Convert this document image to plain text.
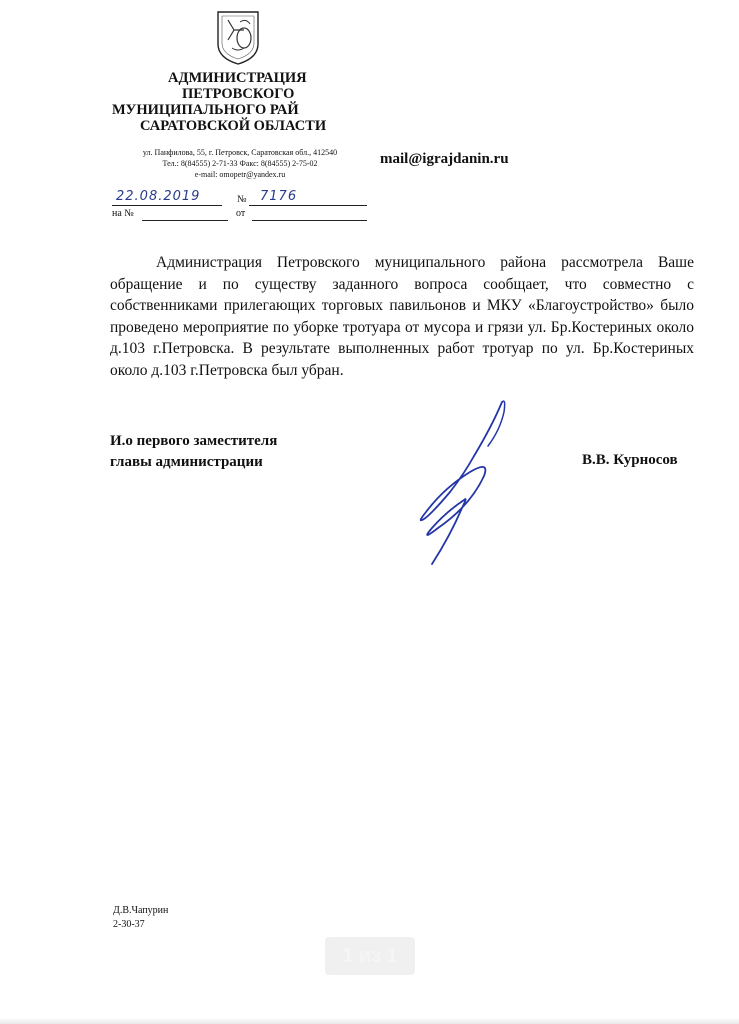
АДМИНИСТРАЦИЯ
ПЕТРОВСКОГО
МУНИЦИПАЛЬНОГО РАЙ
САРАТОВСКОЙ ОБЛАСТИ
ул. Панфилова, 55, г. Петровск, Саратовская обл., 412540
Тел.: 8(84555) 2-71-33 Факс: 8(84555) 2-75-02
e-mail: omopetr@yandex.ru
mail@igrajdanin.ru
22.08.2019	№ 7176
на №	от

Администрация Петровского муниципального района рассмотрела Ваше обращение и по существу заданного вопроса сообщает, что совместно с собственниками прилегающих торговых павильонов и МКУ «Благоустройство» было проведено мероприятие по уборке тротуара от мусора и грязи ул. Бр.Костериных около д.103 г.Петровска. В результате выполненных работ тротуар по ул. Бр.Костериных около д.103 г.Петровска был убран.

И.о первого заместителя
главы администрации	В.В. Курносов
Д.В.Чапурин
2-30-37
1 из 1
